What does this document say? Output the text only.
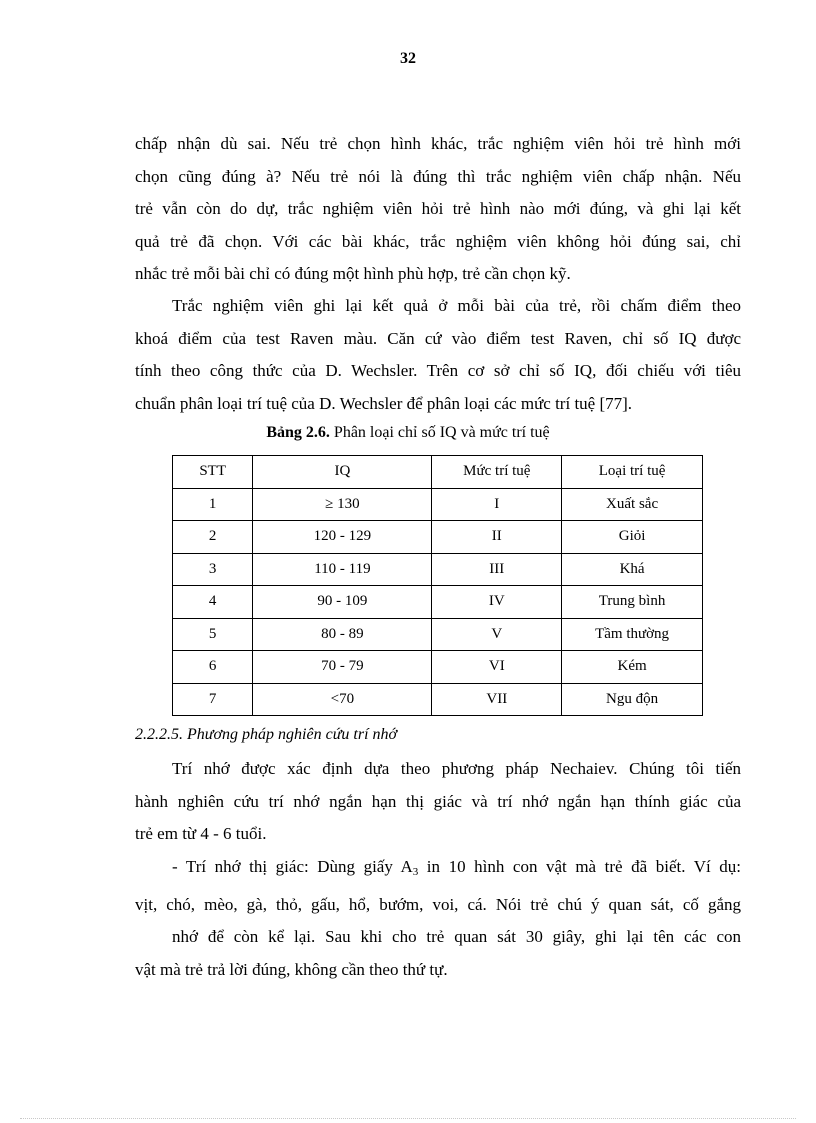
32
chấp nhận dù sai. Nếu trẻ chọn hình khác, trắc nghiệm viên hỏi trẻ hình mới
chọn cũng đúng à? Nếu trẻ nói là đúng thì trắc nghiệm viên chấp nhận. Nếu
trẻ vẫn còn do dự, trắc nghiệm viên hỏi trẻ hình nào mới đúng, và ghi lại kết
quả trẻ đã chọn. Với các bài khác, trắc nghiệm viên không hỏi đúng sai, chỉ
nhắc trẻ mỗi bài chỉ có đúng một hình phù hợp, trẻ cần chọn kỹ.
Trắc nghiệm viên ghi lại kết quả ở mỗi bài của trẻ, rồi chấm điểm theo
khoá điểm của test Raven màu. Căn cứ vào điểm test Raven, chỉ số IQ được
tính theo công thức của D. Wechsler. Trên cơ sở chỉ số IQ, đối chiếu với tiêu
chuẩn phân loại trí tuệ của D. Wechsler để phân loại các mức trí tuệ [77].
Bảng 2.6. Phân loại chỉ số IQ và mức trí tuệ
STT	IQ	Mức trí tuệ	Loại trí tuệ
1	≥ 130	I	Xuất sắc
2	120 - 129	II	Giỏi
3	110 - 119	III	Khá
4	90 - 109	IV	Trung bình
5	80 - 89	V	Tầm thường
6	70 - 79	VI	Kém
7	<70	VII	Ngu độn
2.2.2.5. Phương pháp nghiên cứu trí nhớ
Trí nhớ được xác định dựa theo phương pháp Nechaiev. Chúng tôi tiến
hành nghiên cứu trí nhớ ngắn hạn thị giác và trí nhớ ngắn hạn thính giác của
trẻ em từ 4 - 6 tuổi.
- Trí nhớ thị giác: Dùng giấy $A_3$ in 10 hình con vật mà trẻ đã biết. Ví dụ:
vịt, chó, mèo, gà, thỏ, gấu, hổ, bướm, voi, cá. Nói trẻ chú ý quan sát, cố gắng
nhớ để còn kể lại. Sau khi cho trẻ quan sát 30 giây, ghi lại tên các con
vật mà trẻ trả lời đúng, không cần theo thứ tự.
